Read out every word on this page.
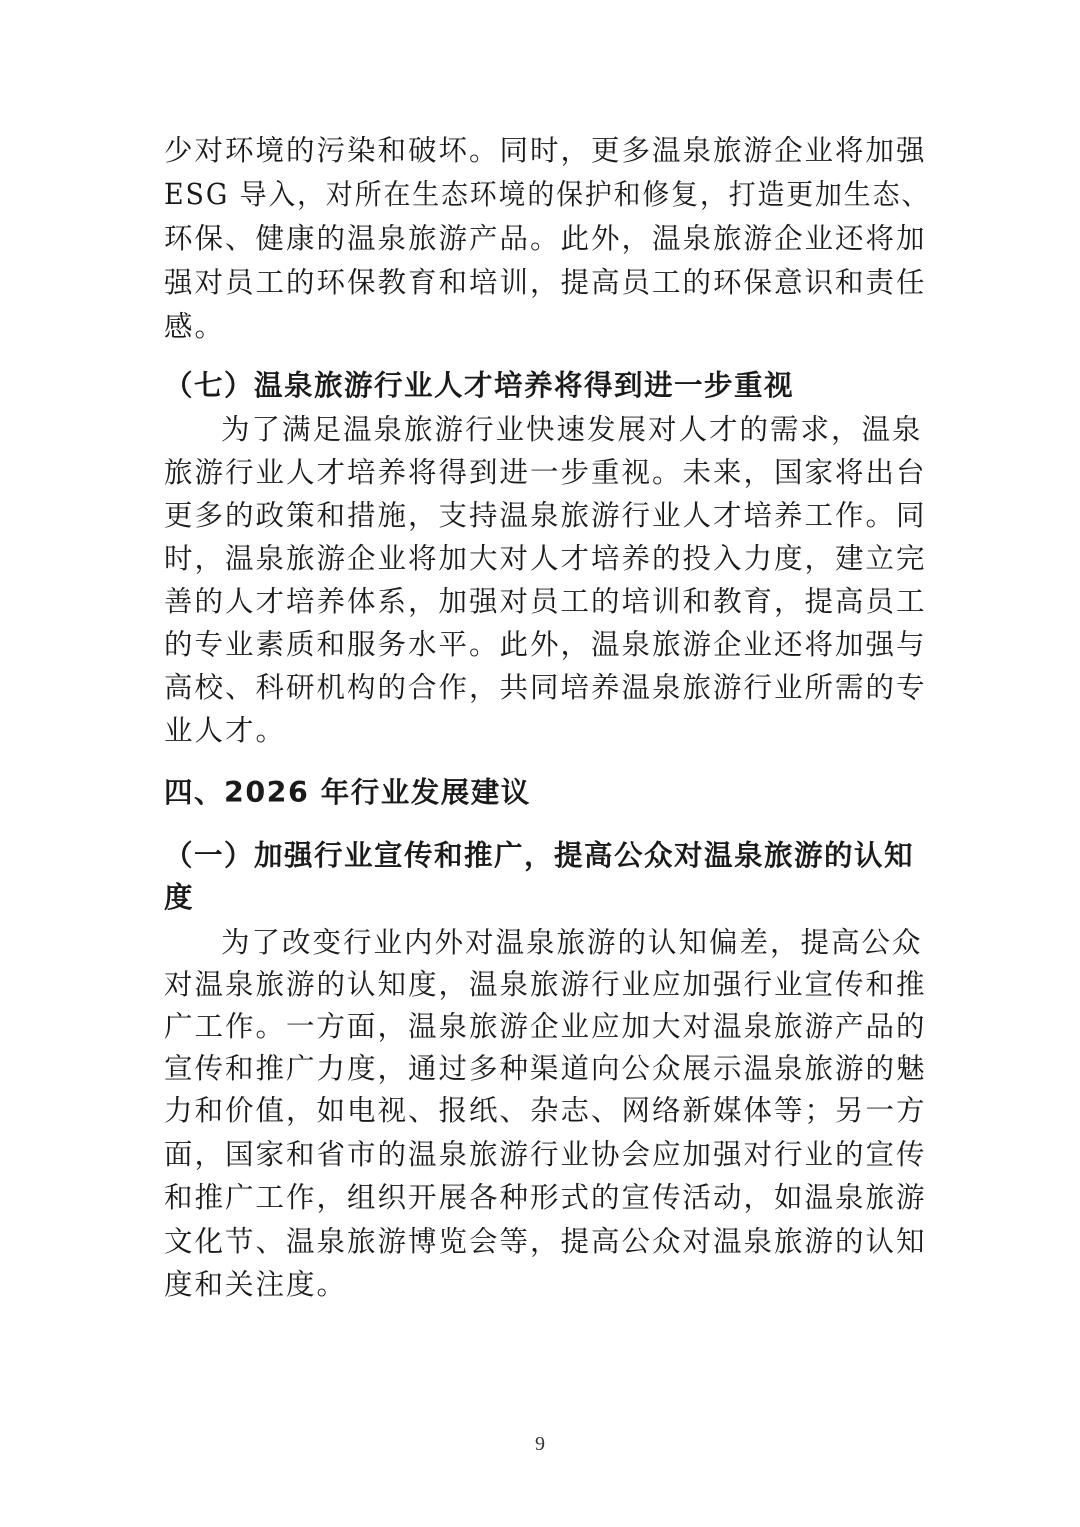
少对环境的污染和破坏。同时，更多温泉旅游企业将加强
ESG 导入，对所在生态环境的保护和修复，打造更加生态、
环保、健康的温泉旅游产品。此外，温泉旅游企业还将加
强对员工的环保教育和培训，提高员工的环保意识和责任
感。
（七）温泉旅游行业人才培养将得到进一步重视
为了满足温泉旅游行业快速发展对人才的需求，温泉
旅游行业人才培养将得到进一步重视。未来，国家将出台
更多的政策和措施，支持温泉旅游行业人才培养工作。同
时，温泉旅游企业将加大对人才培养的投入力度，建立完
善的人才培养体系，加强对员工的培训和教育，提高员工
的专业素质和服务水平。此外，温泉旅游企业还将加强与
高校、科研机构的合作，共同培养温泉旅游行业所需的专
业人才。
四、2026 年行业发展建议
（一）加强行业宣传和推广，提高公众对温泉旅游的认知
度
为了改变行业内外对温泉旅游的认知偏差，提高公众
对温泉旅游的认知度，温泉旅游行业应加强行业宣传和推
广工作。一方面，温泉旅游企业应加大对温泉旅游产品的
宣传和推广力度，通过多种渠道向公众展示温泉旅游的魅
力和价值，如电视、报纸、杂志、网络新媒体等；另一方
面，国家和省市的温泉旅游行业协会应加强对行业的宣传
和推广工作，组织开展各种形式的宣传活动，如温泉旅游
文化节、温泉旅游博览会等，提高公众对温泉旅游的认知
度和关注度。
9
